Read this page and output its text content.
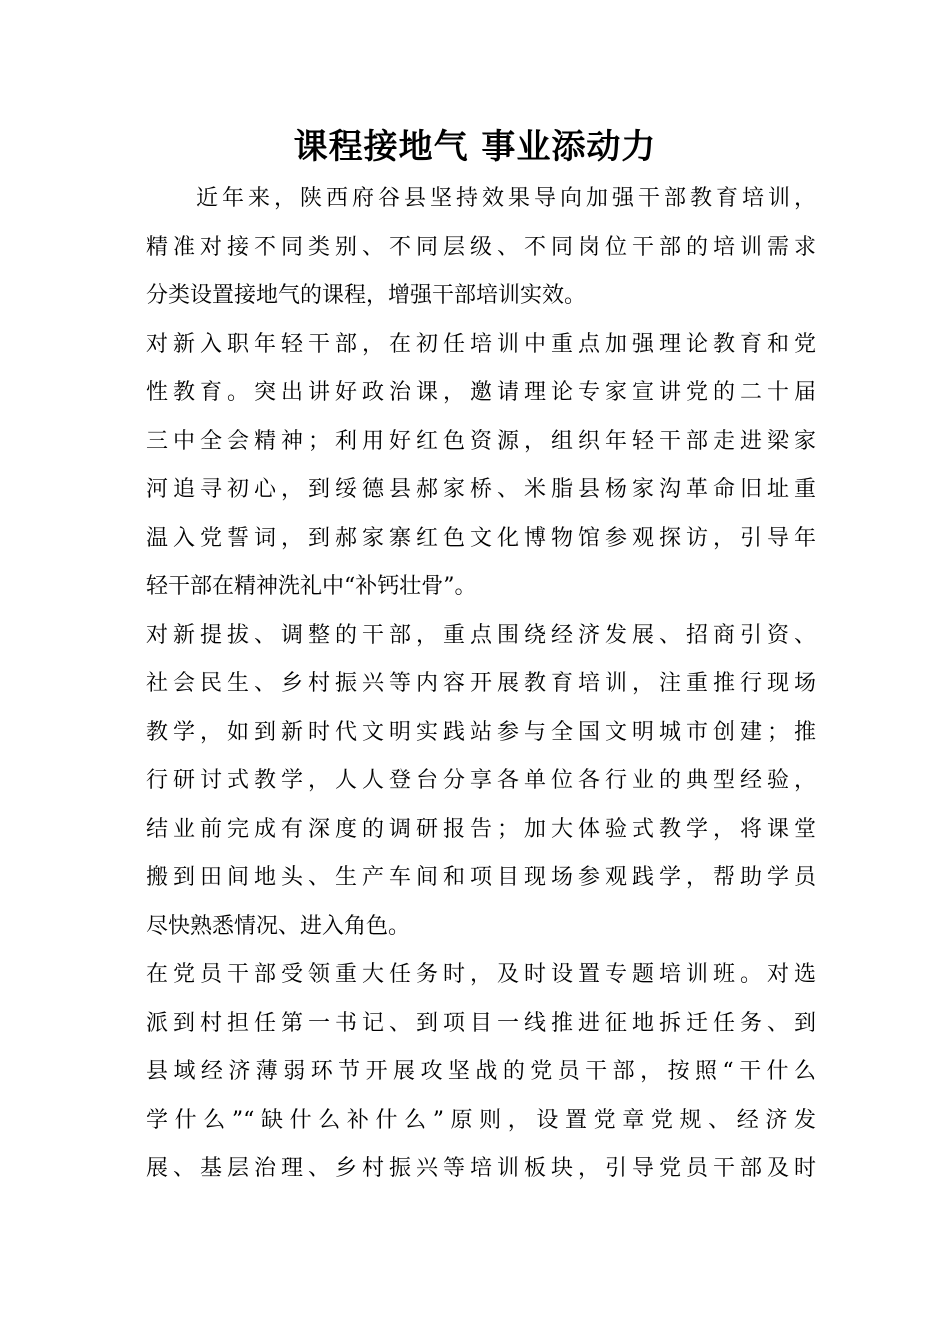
课程接地气 事业添动力
近年来，陕西府谷县坚持效果导向加强干部教育培训，
精准对接不同类别、不同层级、不同岗位干部的培训需求
分类设置接地气的课程，增强干部培训实效。
对新入职年轻干部，在初任培训中重点加强理论教育和党
性教育。突出讲好政治课，邀请理论专家宣讲党的二十届
三中全会精神；利用好红色资源，组织年轻干部走进梁家
河追寻初心，到绥德县郝家桥、米脂县杨家沟革命旧址重
温入党誓词，到郝家寨红色文化博物馆参观探访，引导年
轻干部在精神洗礼中“补钙壮骨”。
对新提拔、调整的干部，重点围绕经济发展、招商引资、
社会民生、乡村振兴等内容开展教育培训，注重推行现场
教学，如到新时代文明实践站参与全国文明城市创建；推
行研讨式教学，人人登台分享各单位各行业的典型经验，
结业前完成有深度的调研报告；加大体验式教学，将课堂
搬到田间地头、生产车间和项目现场参观践学，帮助学员
尽快熟悉情况、进入角色。
在党员干部受领重大任务时，及时设置专题培训班。对选
派到村担任第一书记、到项目一线推进征地拆迁任务、到
县域经济薄弱环节开展攻坚战的党员干部，按照“干什么
学什么”“缺什么补什么”原则，设置党章党规、经济发
展、基层治理、乡村振兴等培训板块，引导党员干部及时
